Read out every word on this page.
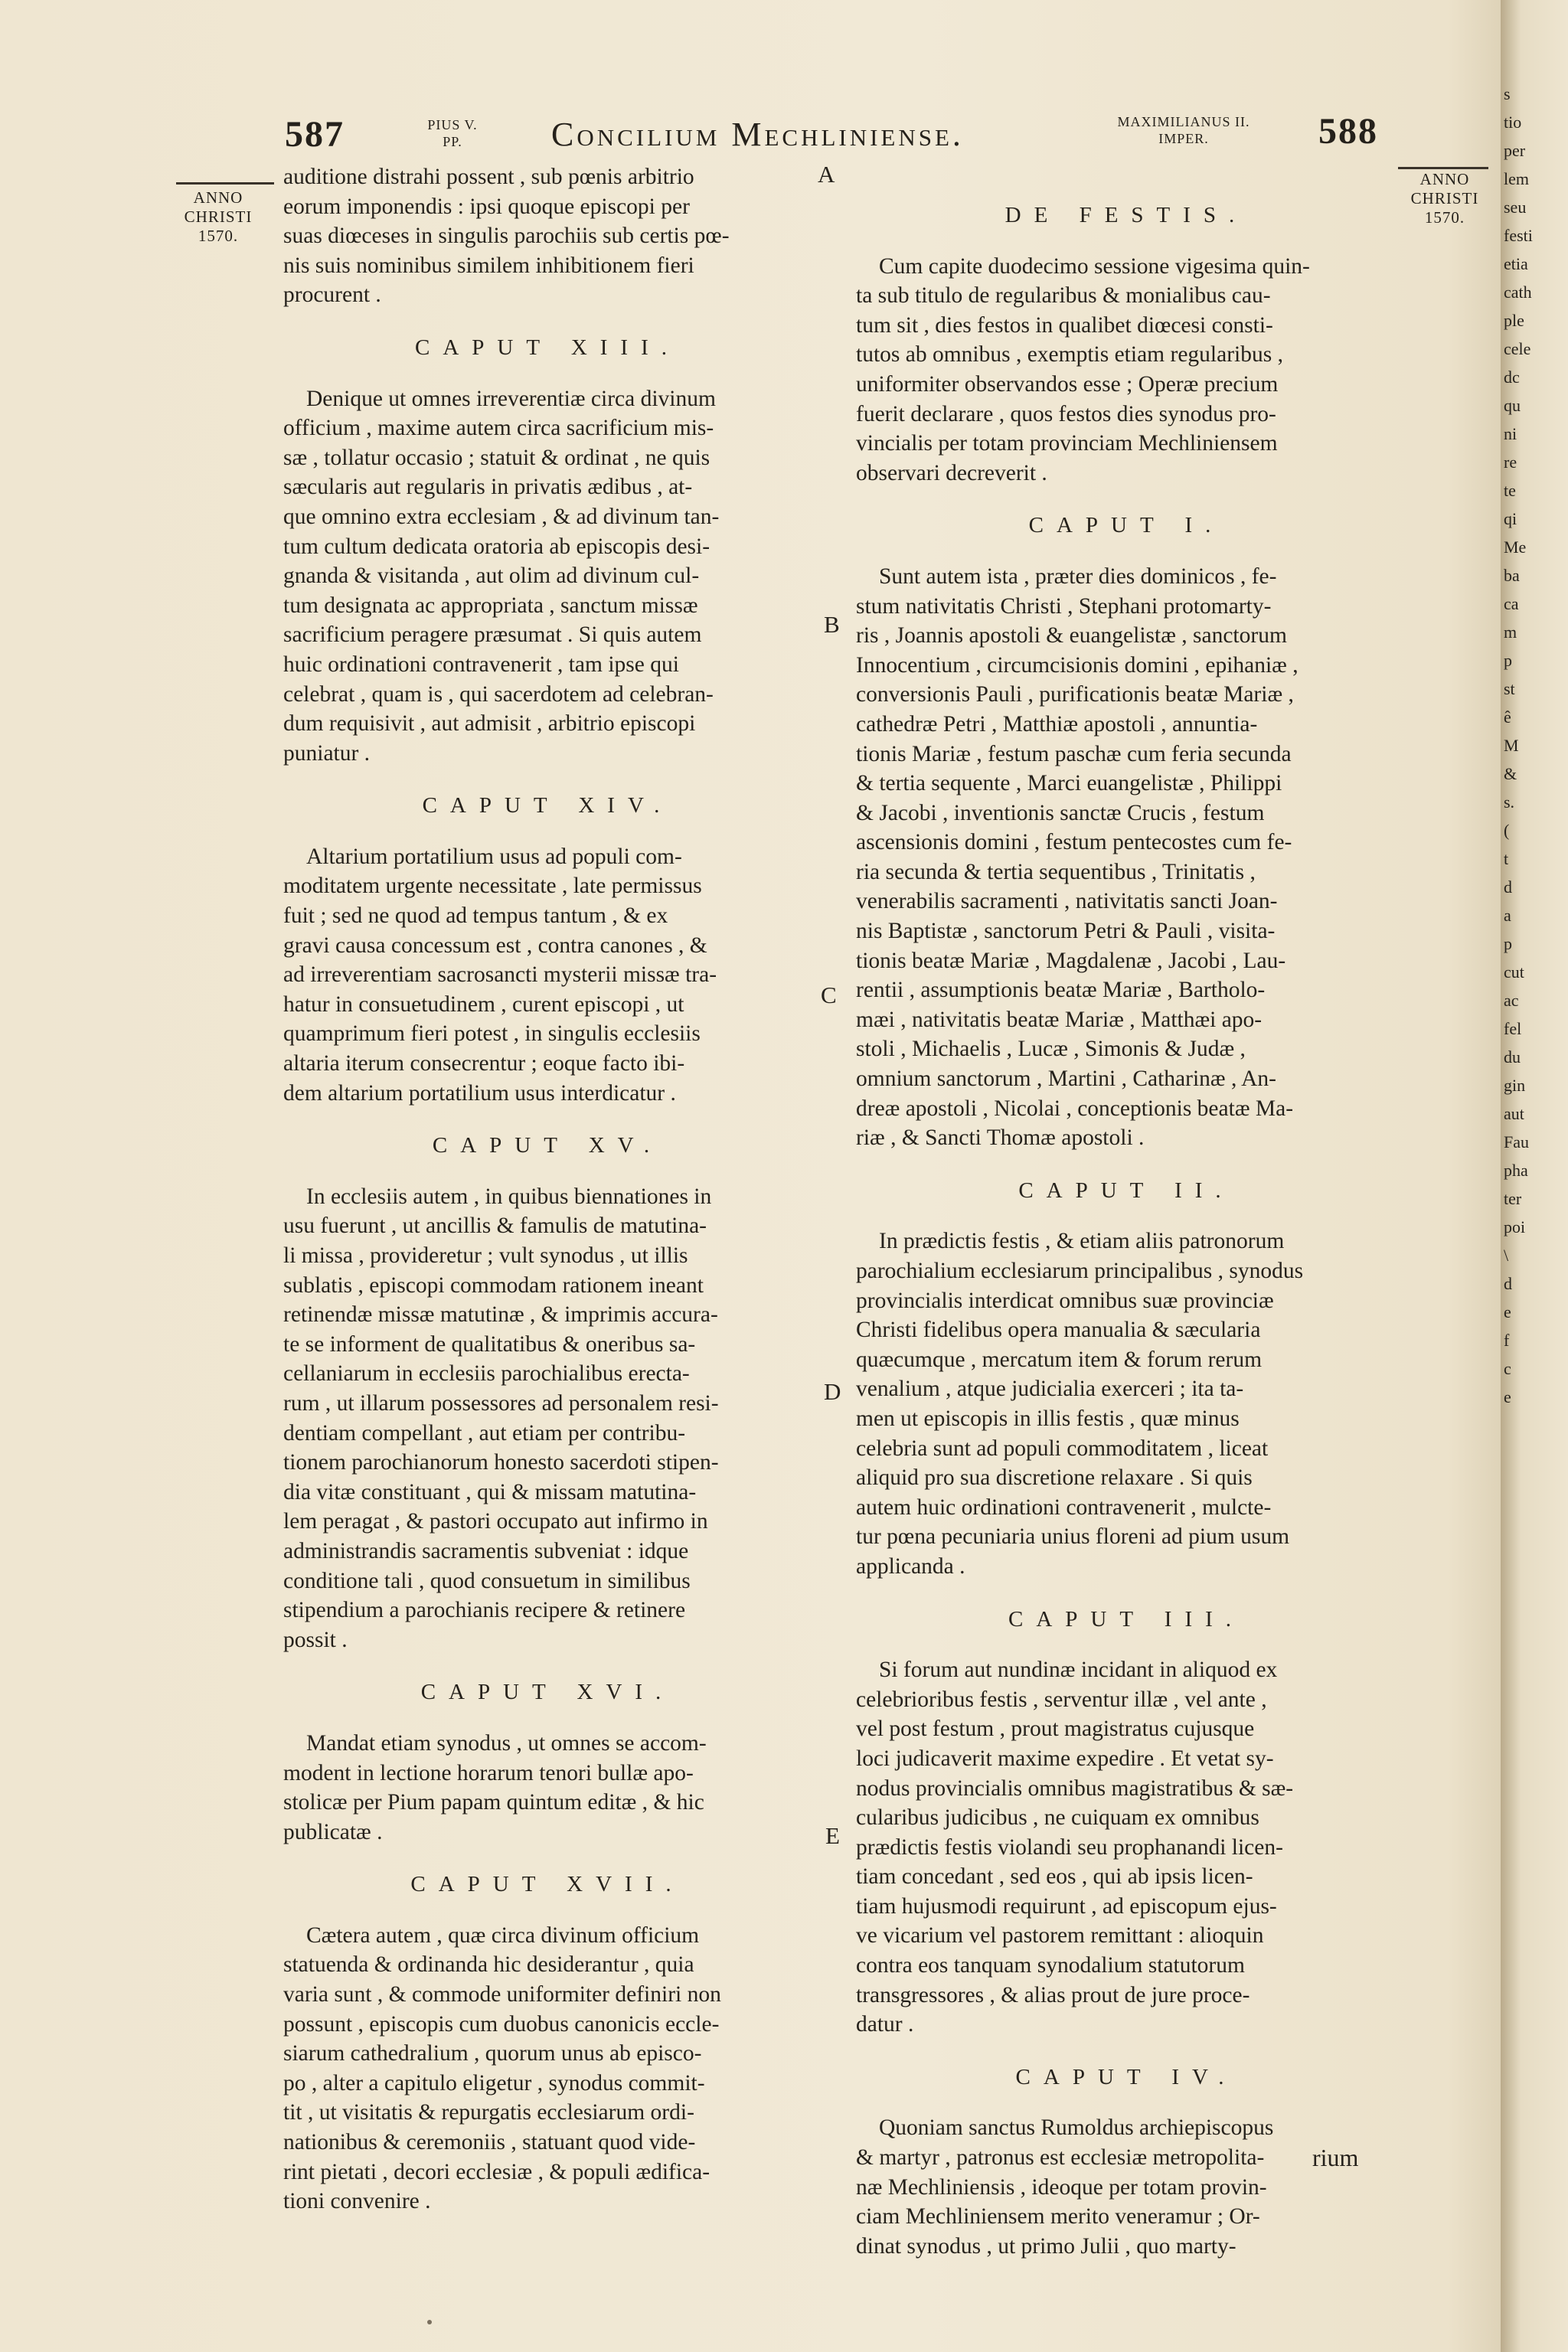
587	PIUS V.
PP.	Concilium Mechliniense.	MAXIMILIANUS II.
IMPER.	588
ANNO
CHRISTI
1570.
ANNO
CHRISTI
1570.
A
B
C
D
E

auditione distrahi possent , sub pœnis arbitrio

eorum imponendis : ipsi quoque episcopi per

suas diœceses in singulis parochiis sub certis pœ-

nis suis nominibus similem inhibitionem fieri

procurent .

CAPUT XIII.

Denique ut omnes irreverentiæ circa divinum

officium , maxime autem circa sacrificium mis-

sæ , tollatur occasio ; statuit & ordinat , ne quis

sæcularis aut regularis in privatis ædibus , at-

que omnino extra ecclesiam , & ad divinum tan-

tum cultum dedicata oratoria ab episcopis desi-

gnanda & visitanda , aut olim ad divinum cul-

tum designata ac appropriata , sanctum missæ

sacrificium peragere præsumat . Si quis autem

huic ordinationi contravenerit , tam ipse qui

celebrat , quam is , qui sacerdotem ad celebran-

dum requisivit , aut admisit , arbitrio episcopi

puniatur .

CAPUT XIV.

Altarium portatilium usus ad populi com-

moditatem urgente necessitate , late permissus

fuit ; sed ne quod ad tempus tantum , & ex

gravi causa concessum est , contra canones , &

ad irreverentiam sacrosancti mysterii missæ tra-

hatur in consuetudinem , curent episcopi , ut

quamprimum fieri potest , in singulis ecclesiis

altaria iterum consecrentur ; eoque facto ibi-

dem altarium portatilium usus interdicatur .

CAPUT XV.

In ecclesiis autem , in quibus biennationes in

usu fuerunt , ut ancillis & famulis de matutina-

li missa , provideretur ; vult synodus , ut illis

sublatis , episcopi commodam rationem ineant

retinendæ missæ matutinæ , & imprimis accura-

te se informent de qualitatibus & oneribus sa-

cellaniarum in ecclesiis parochialibus erecta-

rum , ut illarum possessores ad personalem resi-

dentiam compellant , aut etiam per contribu-

tionem parochianorum honesto sacerdoti stipen-

dia vitæ constituant , qui & missam matutina-

lem peragat , & pastori occupato aut infirmo in

administrandis sacramentis subveniat : idque

conditione tali , quod consuetum in similibus

stipendium a parochianis recipere & retinere

possit .

CAPUT XVI.

Mandat etiam synodus , ut omnes se accom-

modent in lectione horarum tenori bullæ apo-

stolicæ per Pium papam quintum editæ , & hic

publicatæ .

CAPUT XVII.

Cætera autem , quæ circa divinum officium

statuenda & ordinanda hic desiderantur , quia

varia sunt , & commode uniformiter definiri non

possunt , episcopis cum duobus canonicis eccle-

siarum cathedralium , quorum unus ab episco-

po , alter a capitulo eligetur , synodus commit-

tit , ut visitatis & repurgatis ecclesiarum ordi-

nationibus & ceremoniis , statuant quod vide-

rint pietati , decori ecclesiæ , & populi ædifica-

tioni convenire .

DE FESTIS.

Cum capite duodecimo sessione vigesima quin-

ta sub titulo de regularibus & monialibus cau-

tum sit , dies festos in qualibet diœcesi consti-

tutos ab omnibus , exemptis etiam regularibus ,

uniformiter observandos esse ; Operæ precium

fuerit declarare , quos festos dies synodus pro-

vincialis per totam provinciam Mechliniensem

observari decreverit .

CAPUT I.

Sunt autem ista , præter dies dominicos , fe-

stum nativitatis Christi , Stephani protomarty-

ris , Joannis apostoli & euangelistæ , sanctorum

Innocentium , circumcisionis domini , epihaniæ ,

conversionis Pauli , purificationis beatæ Mariæ ,

cathedræ Petri , Matthiæ apostoli , annuntia-

tionis Mariæ , festum paschæ cum feria secunda

& tertia sequente , Marci euangelistæ , Philippi

& Jacobi , inventionis sanctæ Crucis , festum

ascensionis domini , festum pentecostes cum fe-

ria secunda & tertia sequentibus , Trinitatis ,

venerabilis sacramenti , nativitatis sancti Joan-

nis Baptistæ , sanctorum Petri & Pauli , visita-

tionis beatæ Mariæ , Magdalenæ , Jacobi , Lau-

rentii , assumptionis beatæ Mariæ , Bartholo-

mæi , nativitatis beatæ Mariæ , Matthæi apo-

stoli , Michaelis , Lucæ , Simonis & Judæ ,

omnium sanctorum , Martini , Catharinæ , An-

dreæ apostoli , Nicolai , conceptionis beatæ Ma-

riæ , & Sancti Thomæ apostoli .

CAPUT II.

In prædictis festis , & etiam aliis patronorum

parochialium ecclesiarum principalibus , synodus

provincialis interdicat omnibus suæ provinciæ

Christi fidelibus opera manualia & sæcularia

quæcumque , mercatum item & forum rerum

venalium , atque judicialia exerceri ; ita ta-

men ut episcopis in illis festis , quæ minus

celebria sunt ad populi commoditatem , liceat

aliquid pro sua discretione relaxare . Si quis

autem huic ordinationi contravenerit , mulcte-

tur pœna pecuniaria unius floreni ad pium usum

applicanda .

CAPUT III.

Si forum aut nundinæ incidant in aliquod ex

celebrioribus festis , serventur illæ , vel ante ,

vel post festum , prout magistratus cujusque

loci judicaverit maxime expedire . Et vetat sy-

nodus provincialis omnibus magistratibus & sæ-

cularibus judicibus , ne cuiquam ex omnibus

prædictis festis violandi seu prophanandi licen-

tiam concedant , sed eos , qui ab ipsis licen-

tiam hujusmodi requirunt , ad episcopum ejus-

ve vicarium vel pastorem remittant : alioquin

contra eos tanquam synodalium statutorum

transgressores , & alias prout de jure proce-

datur .

CAPUT IV.

Quoniam sanctus Rumoldus archiepiscopus

& martyr , patronus est ecclesiæ metropolita-

næ Mechliniensis , ideoque per totam provin-

ciam Mechliniensem merito veneramur ; Or-

dinat synodus , ut primo Julii , quo marty-

rium
s
tio
per
lem
seu
festi
etia
cath
ple
cele
dc
qu
ni
re
te
qi
Me
ba
ca
m
p
st
ê
M
&
s.
(
t
d
a
p
cut
ac
fel
du
gin
aut
Fau
pha
ter
poi
\
d
e
f
c
e
